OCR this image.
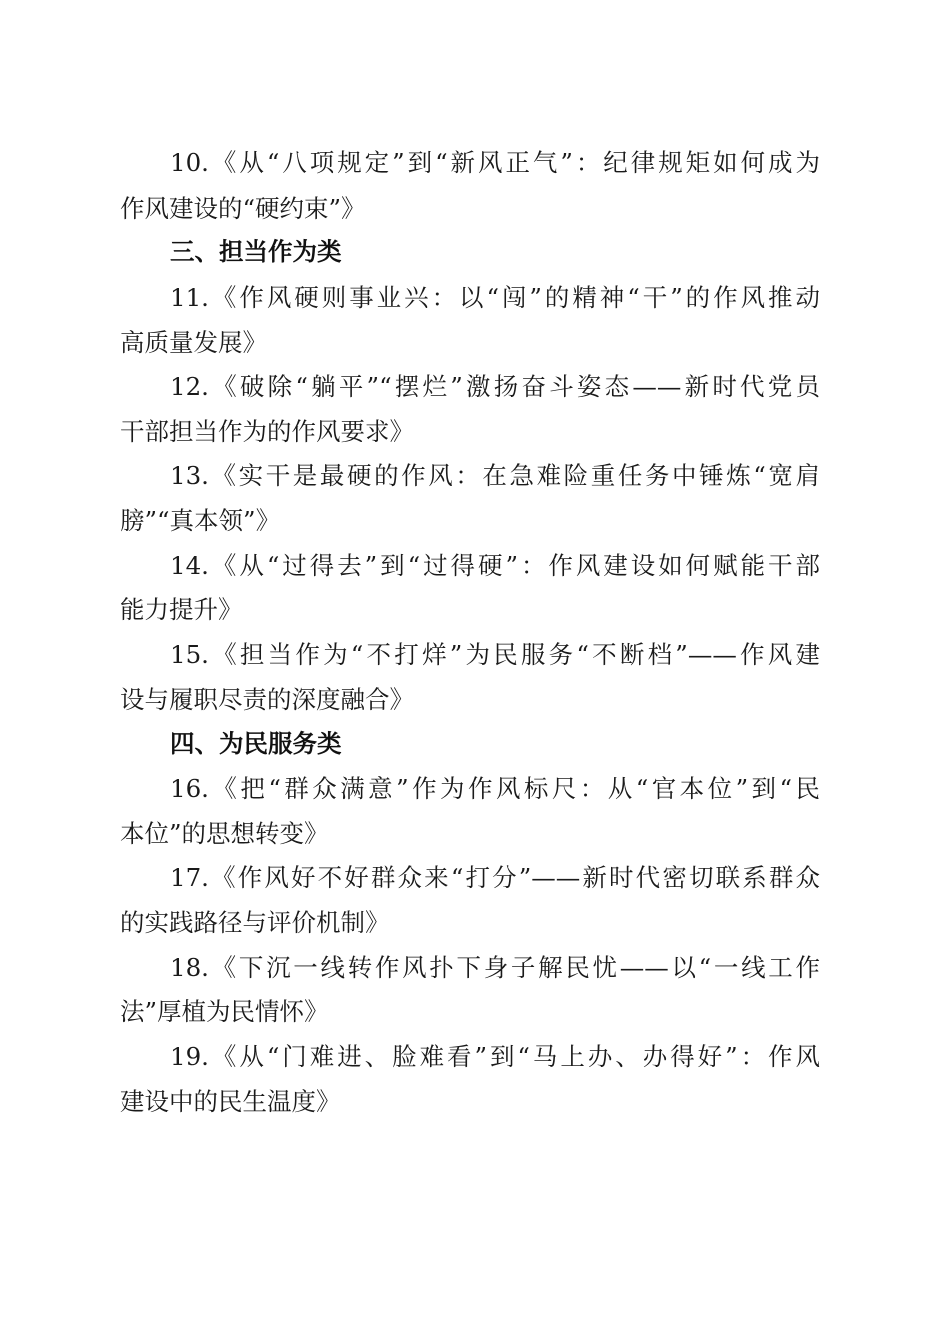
10.《从“八项规定”到“新风正气”：纪律规矩如何成为
作风建设的“硬约束”》
三、担当作为类
11.《作风硬则事业兴：以“闯”的精神“干”的作风推动
高质量发展》
12.《破除“躺平”“摆烂”激扬奋斗姿态——新时代党员
干部担当作为的作风要求》
13.《实干是最硬的作风：在急难险重任务中锤炼“宽肩
膀”“真本领”》
14.《从“过得去”到“过得硬”：作风建设如何赋能干部
能力提升》
15.《担当作为“不打烊”为民服务“不断档”——作风建
设与履职尽责的深度融合》
四、为民服务类
16.《把“群众满意”作为作风标尺：从“官本位”到“民
本位”的思想转变》
17.《作风好不好群众来“打分”——新时代密切联系群众
的实践路径与评价机制》
18.《下沉一线转作风扑下身子解民忧——以“一线工作
法”厚植为民情怀》
19.《从“门难进、脸难看”到“马上办、办得好”：作风
建设中的民生温度》
